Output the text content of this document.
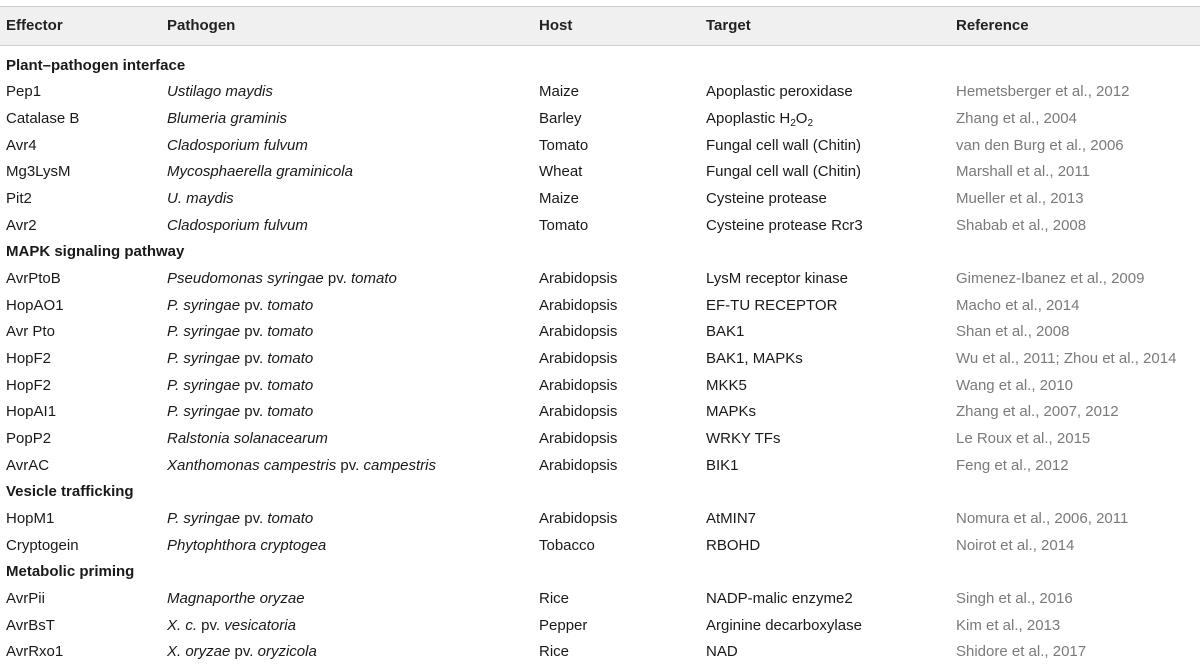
Effector	Pathogen	Host	Target	Reference
Plant–pathogen interface
Pep1	Ustilago maydis	Maize	Apoplastic peroxidase	Hemetsberger et al., 2012
Catalase B	Blumeria graminis	Barley	Apoplastic $H_2O_2$	Zhang et al., 2004
Avr4	Cladosporium fulvum	Tomato	Fungal cell wall (Chitin)	van den Burg et al., 2006
Mg3LysM	Mycosphaerella graminicola	Wheat	Fungal cell wall (Chitin)	Marshall et al., 2011
Pit2	U. maydis	Maize	Cysteine protease	Mueller et al., 2013
Avr2	Cladosporium fulvum	Tomato	Cysteine protease Rcr3	Shabab et al., 2008
MAPK signaling pathway
AvrPtoB	Pseudomonas syringae pv. tomato	Arabidopsis	LysM receptor kinase	Gimenez-Ibanez et al., 2009
HopAO1	P. syringae pv. tomato	Arabidopsis	EF-TU RECEPTOR	Macho et al., 2014
Avr Pto	P. syringae pv. tomato	Arabidopsis	BAK1	Shan et al., 2008
HopF2	P. syringae pv. tomato	Arabidopsis	BAK1, MAPKs	Wu et al., 2011; Zhou et al., 2014
HopF2	P. syringae pv. tomato	Arabidopsis	MKK5	Wang et al., 2010
HopAI1	P. syringae pv. tomato	Arabidopsis	MAPKs	Zhang et al., 2007, 2012
PopP2	Ralstonia solanacearum	Arabidopsis	WRKY TFs	Le Roux et al., 2015
AvrAC	Xanthomonas campestris pv. campestris	Arabidopsis	BIK1	Feng et al., 2012
Vesicle trafficking
HopM1	P. syringae pv. tomato	Arabidopsis	AtMIN7	Nomura et al., 2006, 2011
Cryptogein	Phytophthora cryptogea	Tobacco	RBOHD	Noirot et al., 2014
Metabolic priming
AvrPii	Magnaporthe oryzae	Rice	NADP-malic enzyme2	Singh et al., 2016
AvrBsT	X. c. pv. vesicatoria	Pepper	Arginine decarboxylase	Kim et al., 2013
AvrRxo1	X. oryzae pv. oryzicola	Rice	NAD	Shidore et al., 2017
